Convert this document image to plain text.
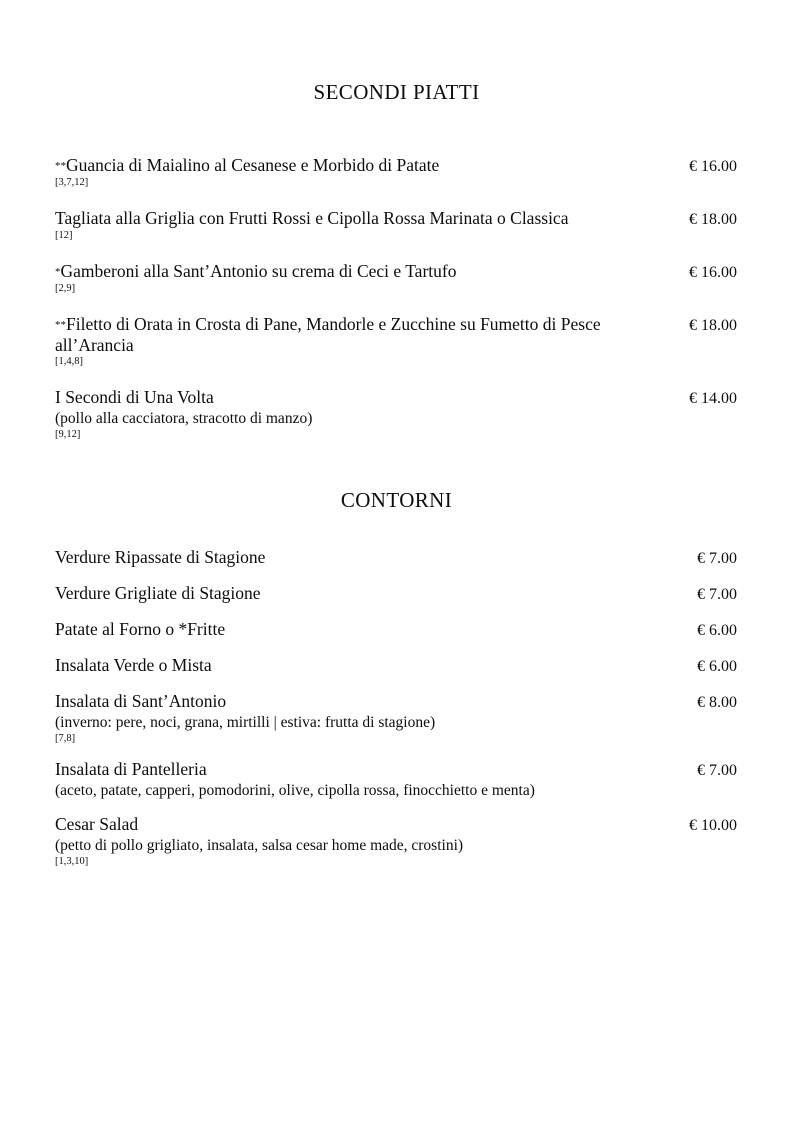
SECONDI PIATTI
**Guancia di Maialino al Cesanese e Morbido di Patate
[3,7,12]
€ 16.00
Tagliata alla Griglia con Frutti Rossi e Cipolla Rossa Marinata o Classica
[12]
€ 18.00
*Gamberoni alla Sant’Antonio su crema di Ceci e Tartufo
[2,9]
€ 16.00
**Filetto di Orata in Crosta di Pane, Mandorle e Zucchine su Fumetto di Pesce all’Arancia
[1,4,8]
€ 18.00
I Secondi di Una Volta
(pollo alla cacciatora, stracotto di manzo)
[9,12]
€ 14.00
CONTORNI
Verdure Ripassate di Stagione	€ 7.00
Verdure Grigliate di Stagione	€ 7.00
Patate al Forno o *Fritte	€ 6.00
Insalata Verde o Mista	€ 6.00
Insalata di Sant’Antonio
(inverno: pere, noci, grana, mirtilli | estiva: frutta di stagione)
[7,8]
€ 8.00
Insalata di Pantelleria
(aceto, patate, capperi, pomodorini, olive, cipolla rossa, finocchietto e menta)
€ 7.00
Cesar Salad
(petto di pollo grigliato, insalata, salsa cesar home made, crostini)
[1,3,10]
€ 10.00
